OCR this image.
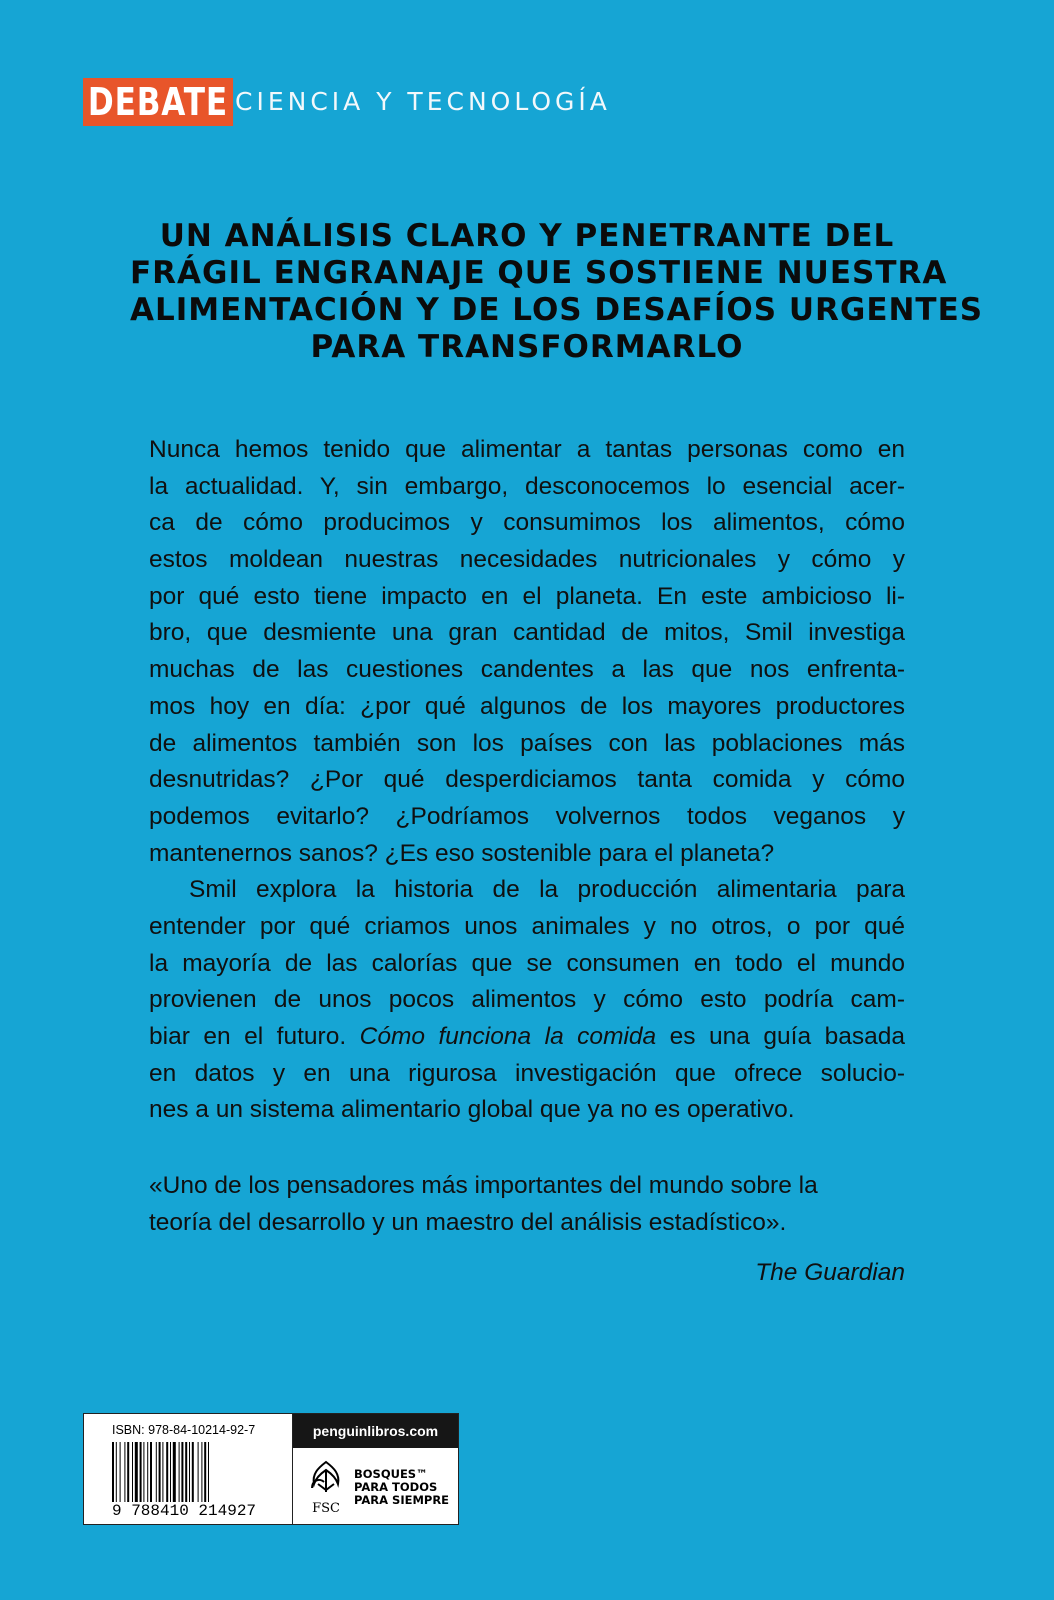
DEBATE CIENCIA Y TECNOLOGÍA
UN ANÁLISIS CLARO Y PENETRANTE DEL
FRÁGIL ENGRANAJE QUE SOSTIENE NUESTRA
ALIMENTACIÓN Y DE LOS DESAFÍOS URGENTES
PARA TRANSFORMARLO
Nunca hemos tenido que alimentar a tantas personas como en
la actualidad. Y, sin embargo, desconocemos lo esencial acer-
ca de cómo producimos y consumimos los alimentos, cómo
estos moldean nuestras necesidades nutricionales y cómo y
por qué esto tiene impacto en el planeta. En este ambicioso li-
bro, que desmiente una gran cantidad de mitos, Smil investiga
muchas de las cuestiones candentes a las que nos enfrenta-
mos hoy en día: ¿por qué algunos de los mayores productores
de alimentos también son los países con las poblaciones más
desnutridas? ¿Por qué desperdiciamos tanta comida y cómo
podemos evitarlo? ¿Podríamos volvernos todos veganos y
mantenernos sanos? ¿Es eso sostenible para el planeta?
Smil explora la historia de la producción alimentaria para
entender por qué criamos unos animales y no otros, o por qué
la mayoría de las calorías que se consumen en todo el mundo
provienen de unos pocos alimentos y cómo esto podría cam-
biar en el futuro. Cómo funciona la comida es una guía basada
en datos y en una rigurosa investigación que ofrece solucio-
nes a un sistema alimentario global que ya no es operativo.
«Uno de los pensadores más importantes del mundo sobre la
teoría del desarrollo y un maestro del análisis estadístico».
The Guardian
ISBN: 978-84-10214-92-7
9 788410 214927
penguinlibros.com
FSC
BOSQUES™
PARA TODOS
PARA SIEMPRE
